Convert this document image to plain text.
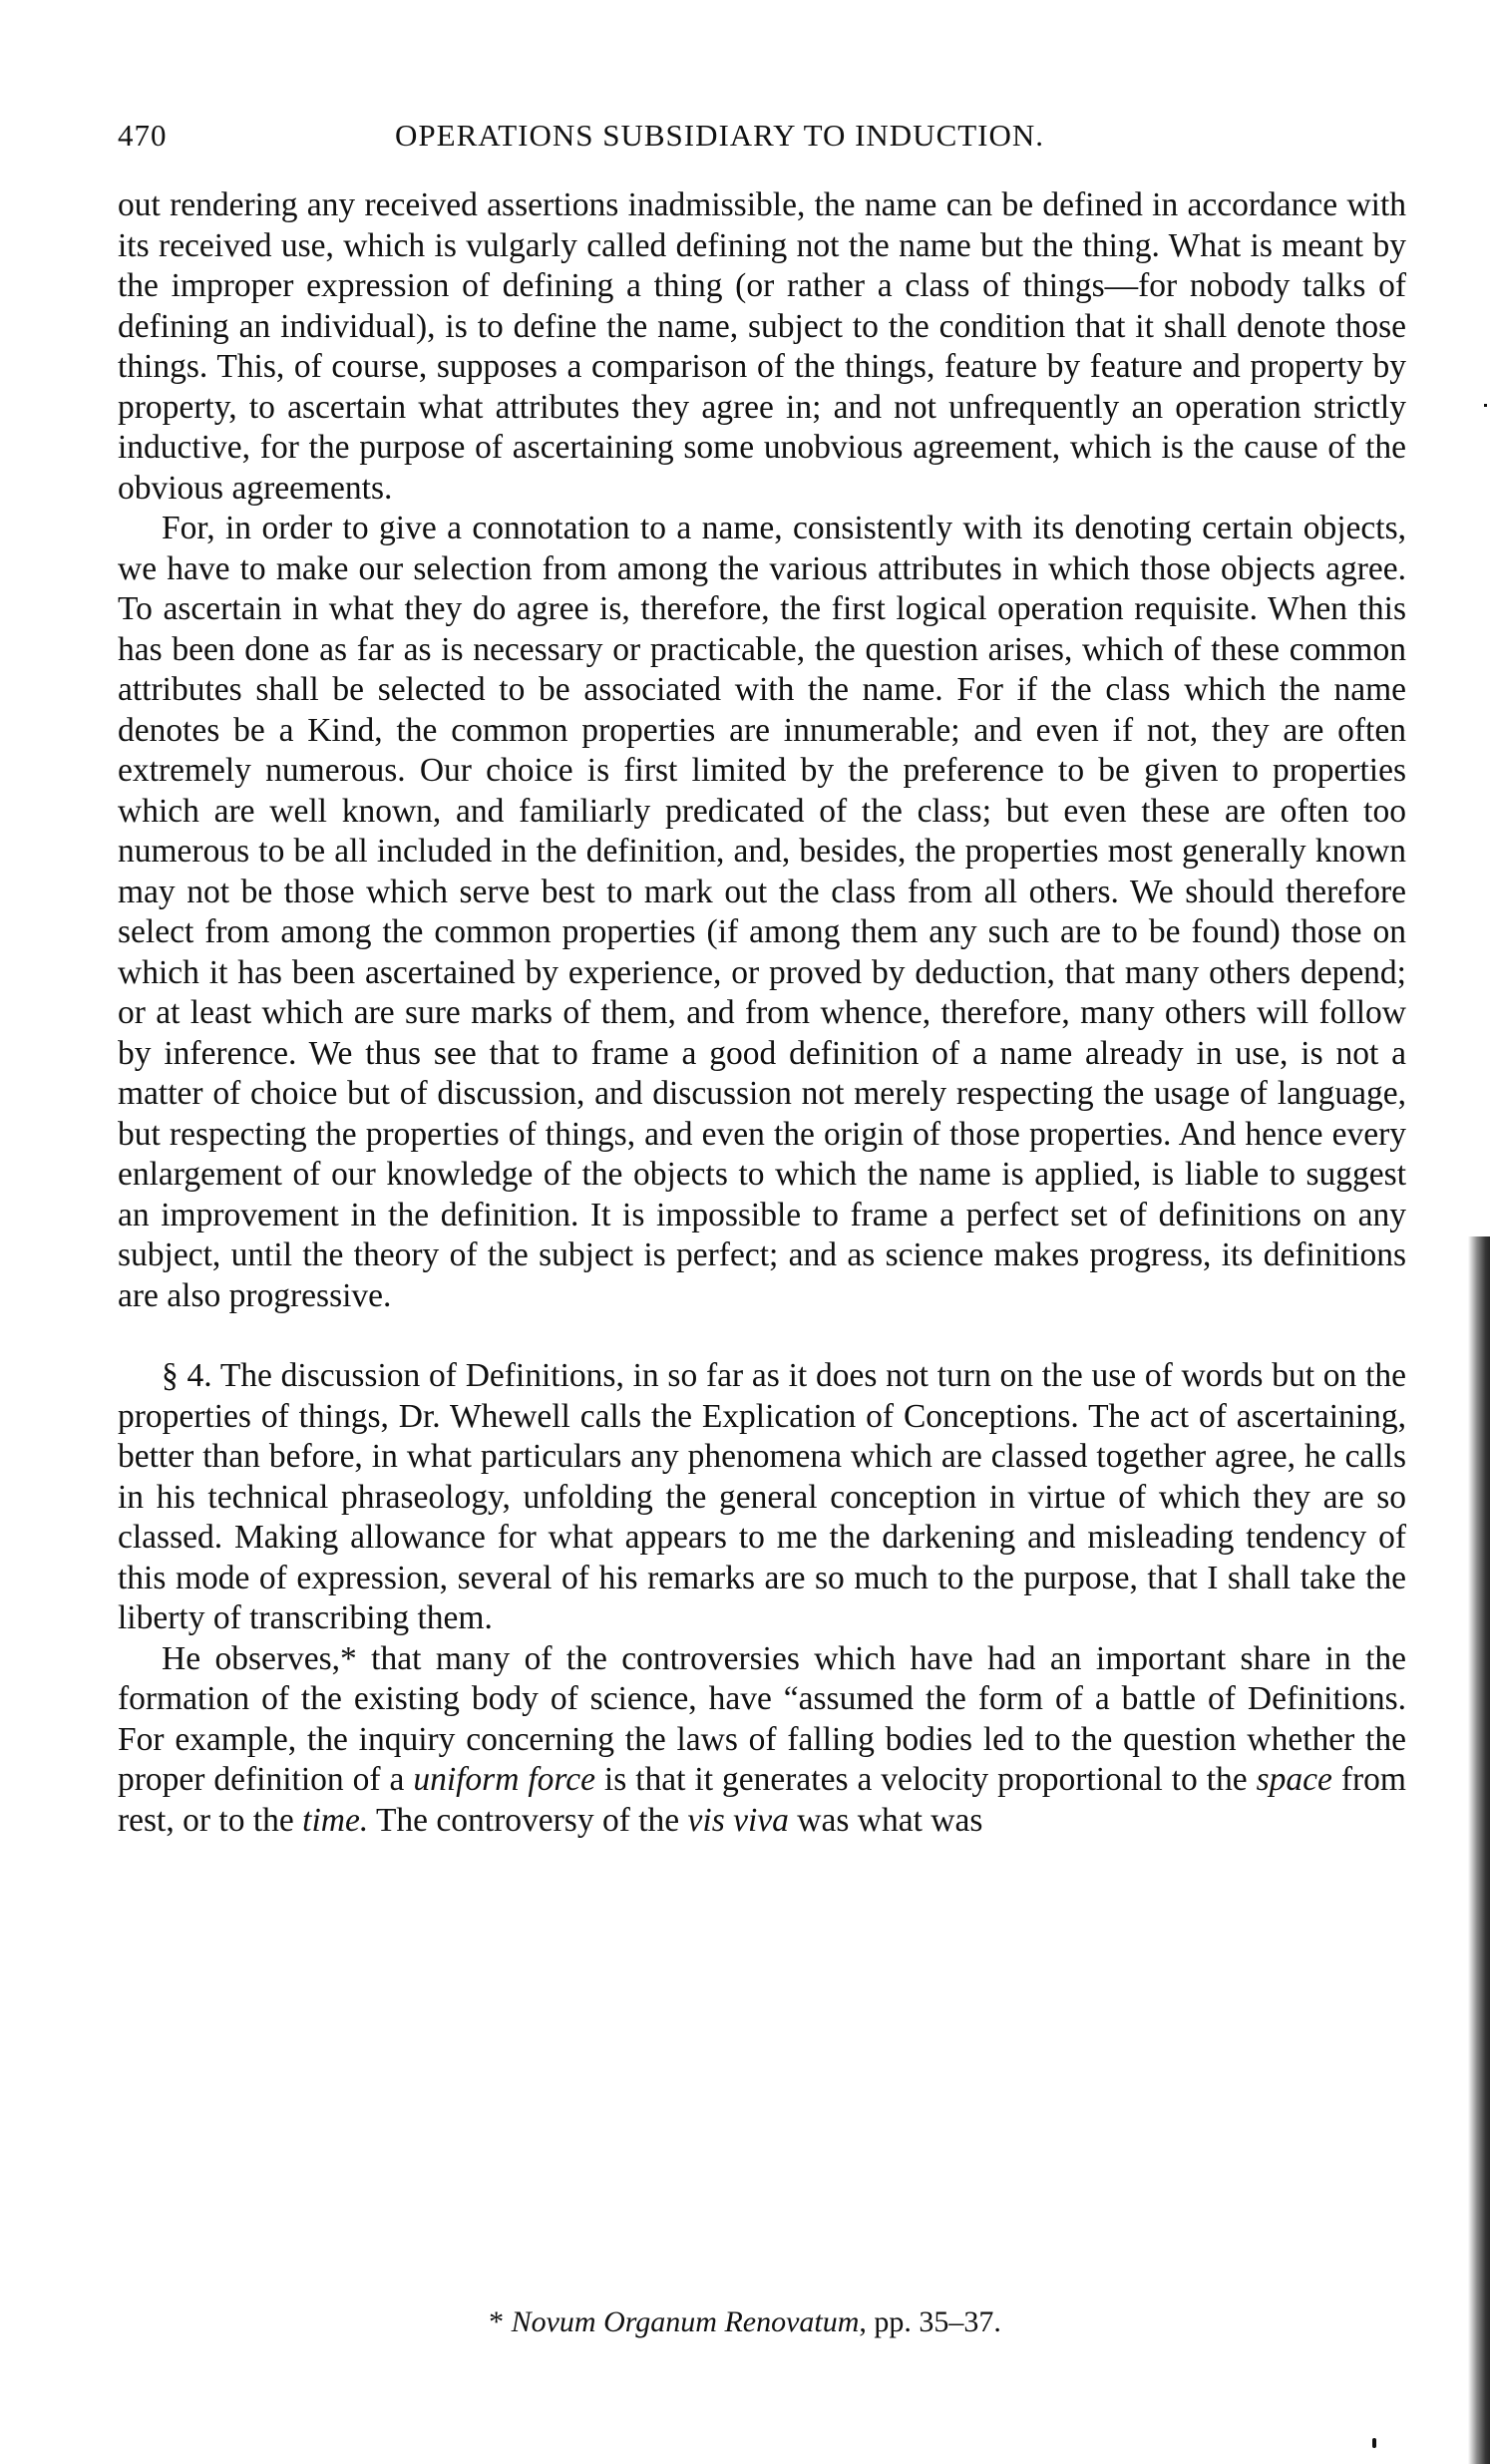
470	OPERATIONS SUBSIDIARY TO INDUCTION.

out rendering any received assertions inadmissible, the name can be defined in accordance with its received use, which is vulgarly called defining not the name but the thing. What is meant by the improper expression of defining a thing (or rather a class of things—for nobody talks of defining an individual), is to define the name, subject to the condition that it shall denote those things. This, of course, supposes a comparison of the things, feature by feature and property by property, to ascertain what attributes they agree in; and not unfrequently an operation strictly inductive, for the purpose of ascertaining some unobvious agreement, which is the cause of the obvious agreements.

For, in order to give a connotation to a name, consistently with its denoting certain objects, we have to make our selection from among the various attributes in which those objects agree. To ascertain in what they do agree is, therefore, the first logical operation requisite. When this has been done as far as is necessary or practicable, the question arises, which of these common attributes shall be selected to be associated with the name. For if the class which the name denotes be a Kind, the common properties are innumerable; and even if not, they are often extremely numerous. Our choice is first limited by the preference to be given to properties which are well known, and familiarly predicated of the class; but even these are often too numerous to be all included in the definition, and, besides, the properties most generally known may not be those which serve best to mark out the class from all others. We should therefore select from among the common properties (if among them any such are to be found) those on which it has been ascertained by experience, or proved by deduction, that many others depend; or at least which are sure marks of them, and from whence, therefore, many others will follow by inference. We thus see that to frame a good definition of a name already in use, is not a matter of choice but of discussion, and discussion not merely respecting the usage of language, but respecting the properties of things, and even the origin of those properties. And hence every enlargement of our knowledge of the objects to which the name is applied, is liable to suggest an improvement in the definition. It is impossible to frame a perfect set of definitions on any subject, until the theory of the subject is perfect; and as science makes progress, its definitions are also progressive.

§ 4. The discussion of Definitions, in so far as it does not turn on the use of words but on the properties of things, Dr. Whewell calls the Explication of Conceptions. The act of ascertaining, better than before, in what particulars any phenomena which are classed together agree, he calls in his technical phraseology, unfolding the general conception in virtue of which they are so classed. Making allowance for what appears to me the darkening and misleading tendency of this mode of expression, several of his remarks are so much to the purpose, that I shall take the liberty of transcribing them.

He observes,* that many of the controversies which have had an important share in the formation of the existing body of science, have “assumed the form of a battle of Definitions. For example, the inquiry concerning the laws of falling bodies led to the question whether the proper definition of a uniform force is that it generates a velocity proportional to the space from rest, or to the time. The controversy of the vis viva was what was

* Novum Organum Renovatum, pp. 35–37.
